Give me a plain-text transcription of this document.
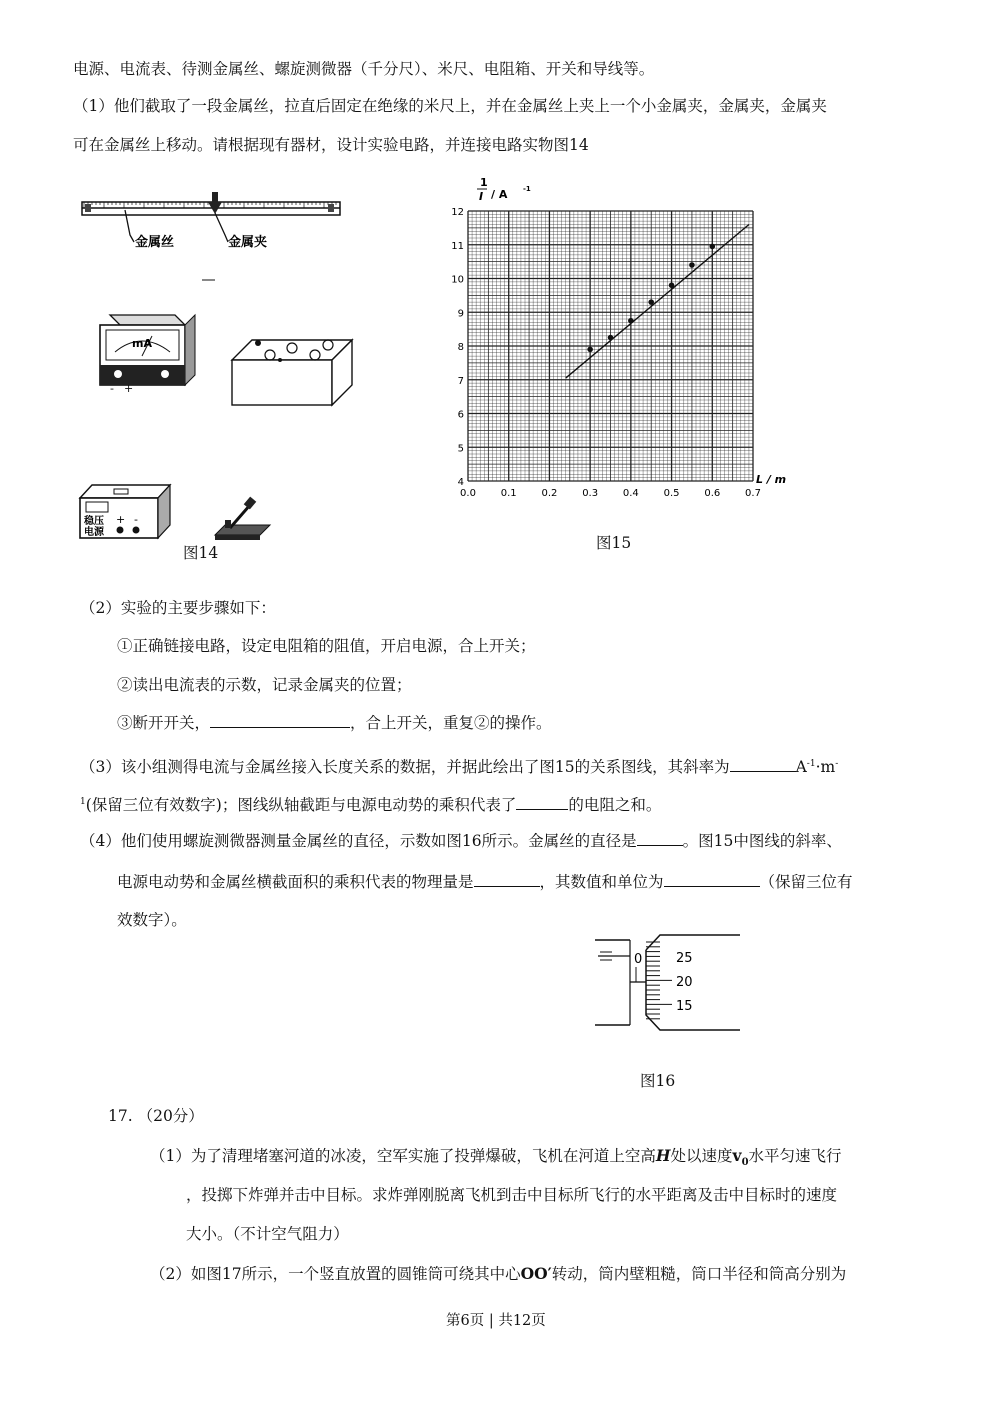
电源、电流表、待测金属丝、螺旋测微器（千分尺）、米尺、电阻箱、开关和导线等。
（1）他们截取了一段金属丝，拉直后固定在绝缘的米尺上，并在金属丝上夹上一个小金属夹，金属夹，金属夹
可在金属丝上移动。请根据现有器材，设计实验电路，并连接电路实物图14
金属丝	金属夹
mA
- +
稳压
电源
+ -
图14
4
5
6
7
8
9
10
11
12
0.0 0.1 0.2 0.3 0.4 0.5 0.6 0.7
1
I / A -1
L / m
图15
（2）实验的主要步骤如下：
①正确链接电路，设定电阻箱的阻值，开启电源，合上开关；
②读出电流表的示数，记录金属夹的位置；
③断开开关，	，合上开关，重复②的操作。
（3）该小组测得电流与金属丝接入长度关系的数据，并据此绘出了图15的关系图线，其斜率为	$A^{-1}\cdot m^-$
$^1$(保留三位有效数字)；图线纵轴截距与电源电动势的乘积代表了	的电阻之和。
（4）他们使用螺旋测微器测量金属丝的直径，示数如图16所示。金属丝的直径是	。图15中图线的斜率、
电源电动势和金属丝横截面积的乘积代表的物理量是	，其数值和单位为	（保留三位有
效数字）。
0	25
20
15
图16
17. （20分）
（1）为了清理堵塞河道的冰凌，空军实施了投弹爆破，飞机在河道上空高H处以速度$v_0$水平匀速飞行
，投掷下炸弹并击中目标。求炸弹刚脱离飞机到击中目标所飞行的水平距离及击中目标时的速度
大小。（不计空气阻力）
（2）如图17所示，一个竖直放置的圆锥筒可绕其中心OO′转动，筒内壁粗糙，筒口半径和筒高分别为
第6页 | 共12页
